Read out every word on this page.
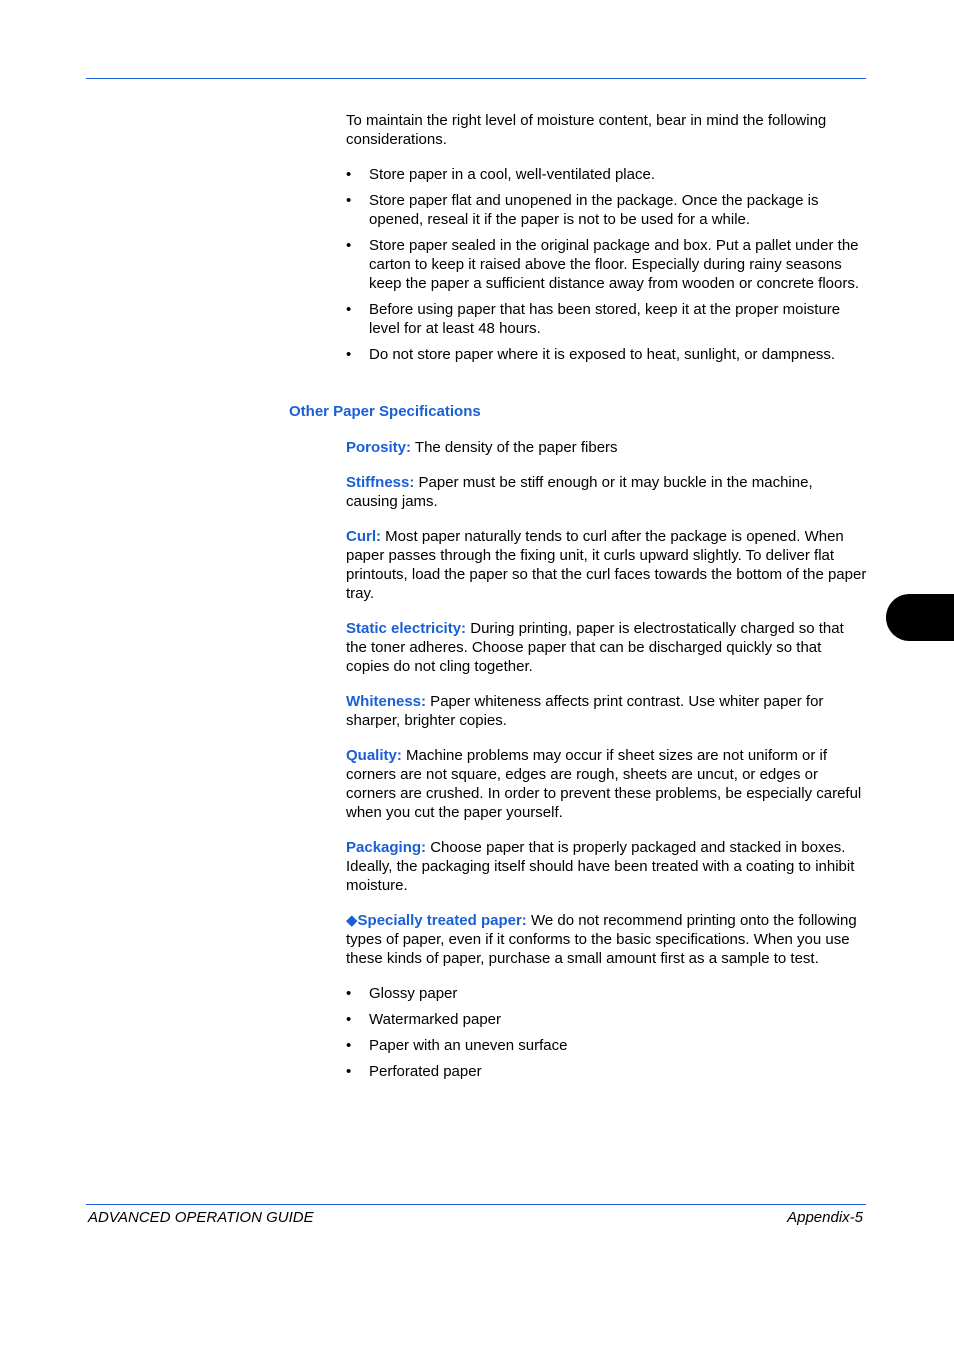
To maintain the right level of moisture content, bear in mind the following considerations.

• Store paper in a cool, well-ventilated place.
• Store paper flat and unopened in the package. Once the package is opened, reseal it if the paper is not to be used for a while.
• Store paper sealed in the original package and box. Put a pallet under the carton to keep it raised above the floor. Especially during rainy seasons keep the paper a sufficient distance away from wooden or concrete floors.
• Before using paper that has been stored, keep it at the proper moisture level for at least 48 hours.
• Do not store paper where it is exposed to heat, sunlight, or dampness.
Other Paper Specifications

Porosity: The density of the paper fibers

Stiffness: Paper must be stiff enough or it may buckle in the machine, causing jams.

Curl: Most paper naturally tends to curl after the package is opened. When paper passes through the fixing unit, it curls upward slightly. To deliver flat printouts, load the paper so that the curl faces towards the bottom of the paper tray.

Static electricity: During printing, paper is electrostatically charged so that the toner adheres. Choose paper that can be discharged quickly so that copies do not cling together.

Whiteness: Paper whiteness affects print contrast. Use whiter paper for sharper, brighter copies.

Quality: Machine problems may occur if sheet sizes are not uniform or if corners are not square, edges are rough, sheets are uncut, or edges or corners are crushed. In order to prevent these problems, be especially careful when you cut the paper yourself.

Packaging: Choose paper that is properly packaged and stacked in boxes. Ideally, the packaging itself should have been treated with a coating to inhibit moisture.

◆Specially treated paper: We do not recommend printing onto the following types of paper, even if it conforms to the basic specifications. When you use these kinds of paper, purchase a small amount first as a sample to test.

• Glossy paper
• Watermarked paper
• Paper with an uneven surface
• Perforated paper
ADVANCED OPERATION GUIDE	Appendix-5
